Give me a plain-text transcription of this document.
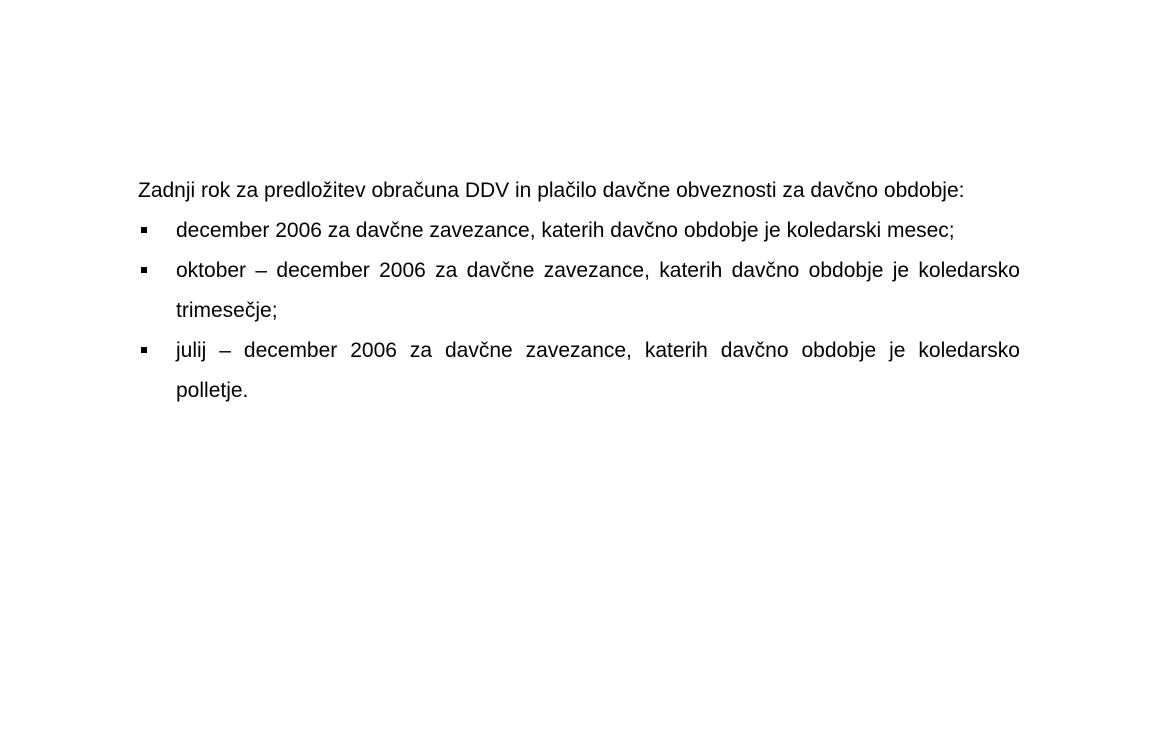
Zadnji rok za predložitev obračuna DDV in plačilo davčne obveznosti za davčno obdobje:

december 2006 za davčne zavezance, katerih davčno obdobje je koledarski mesec;
oktober – december 2006 za davčne zavezance, katerih davčno obdobje je koledarsko trimesečje;
julij – december 2006 za davčne zavezance, katerih davčno obdobje je koledarsko polletje.
